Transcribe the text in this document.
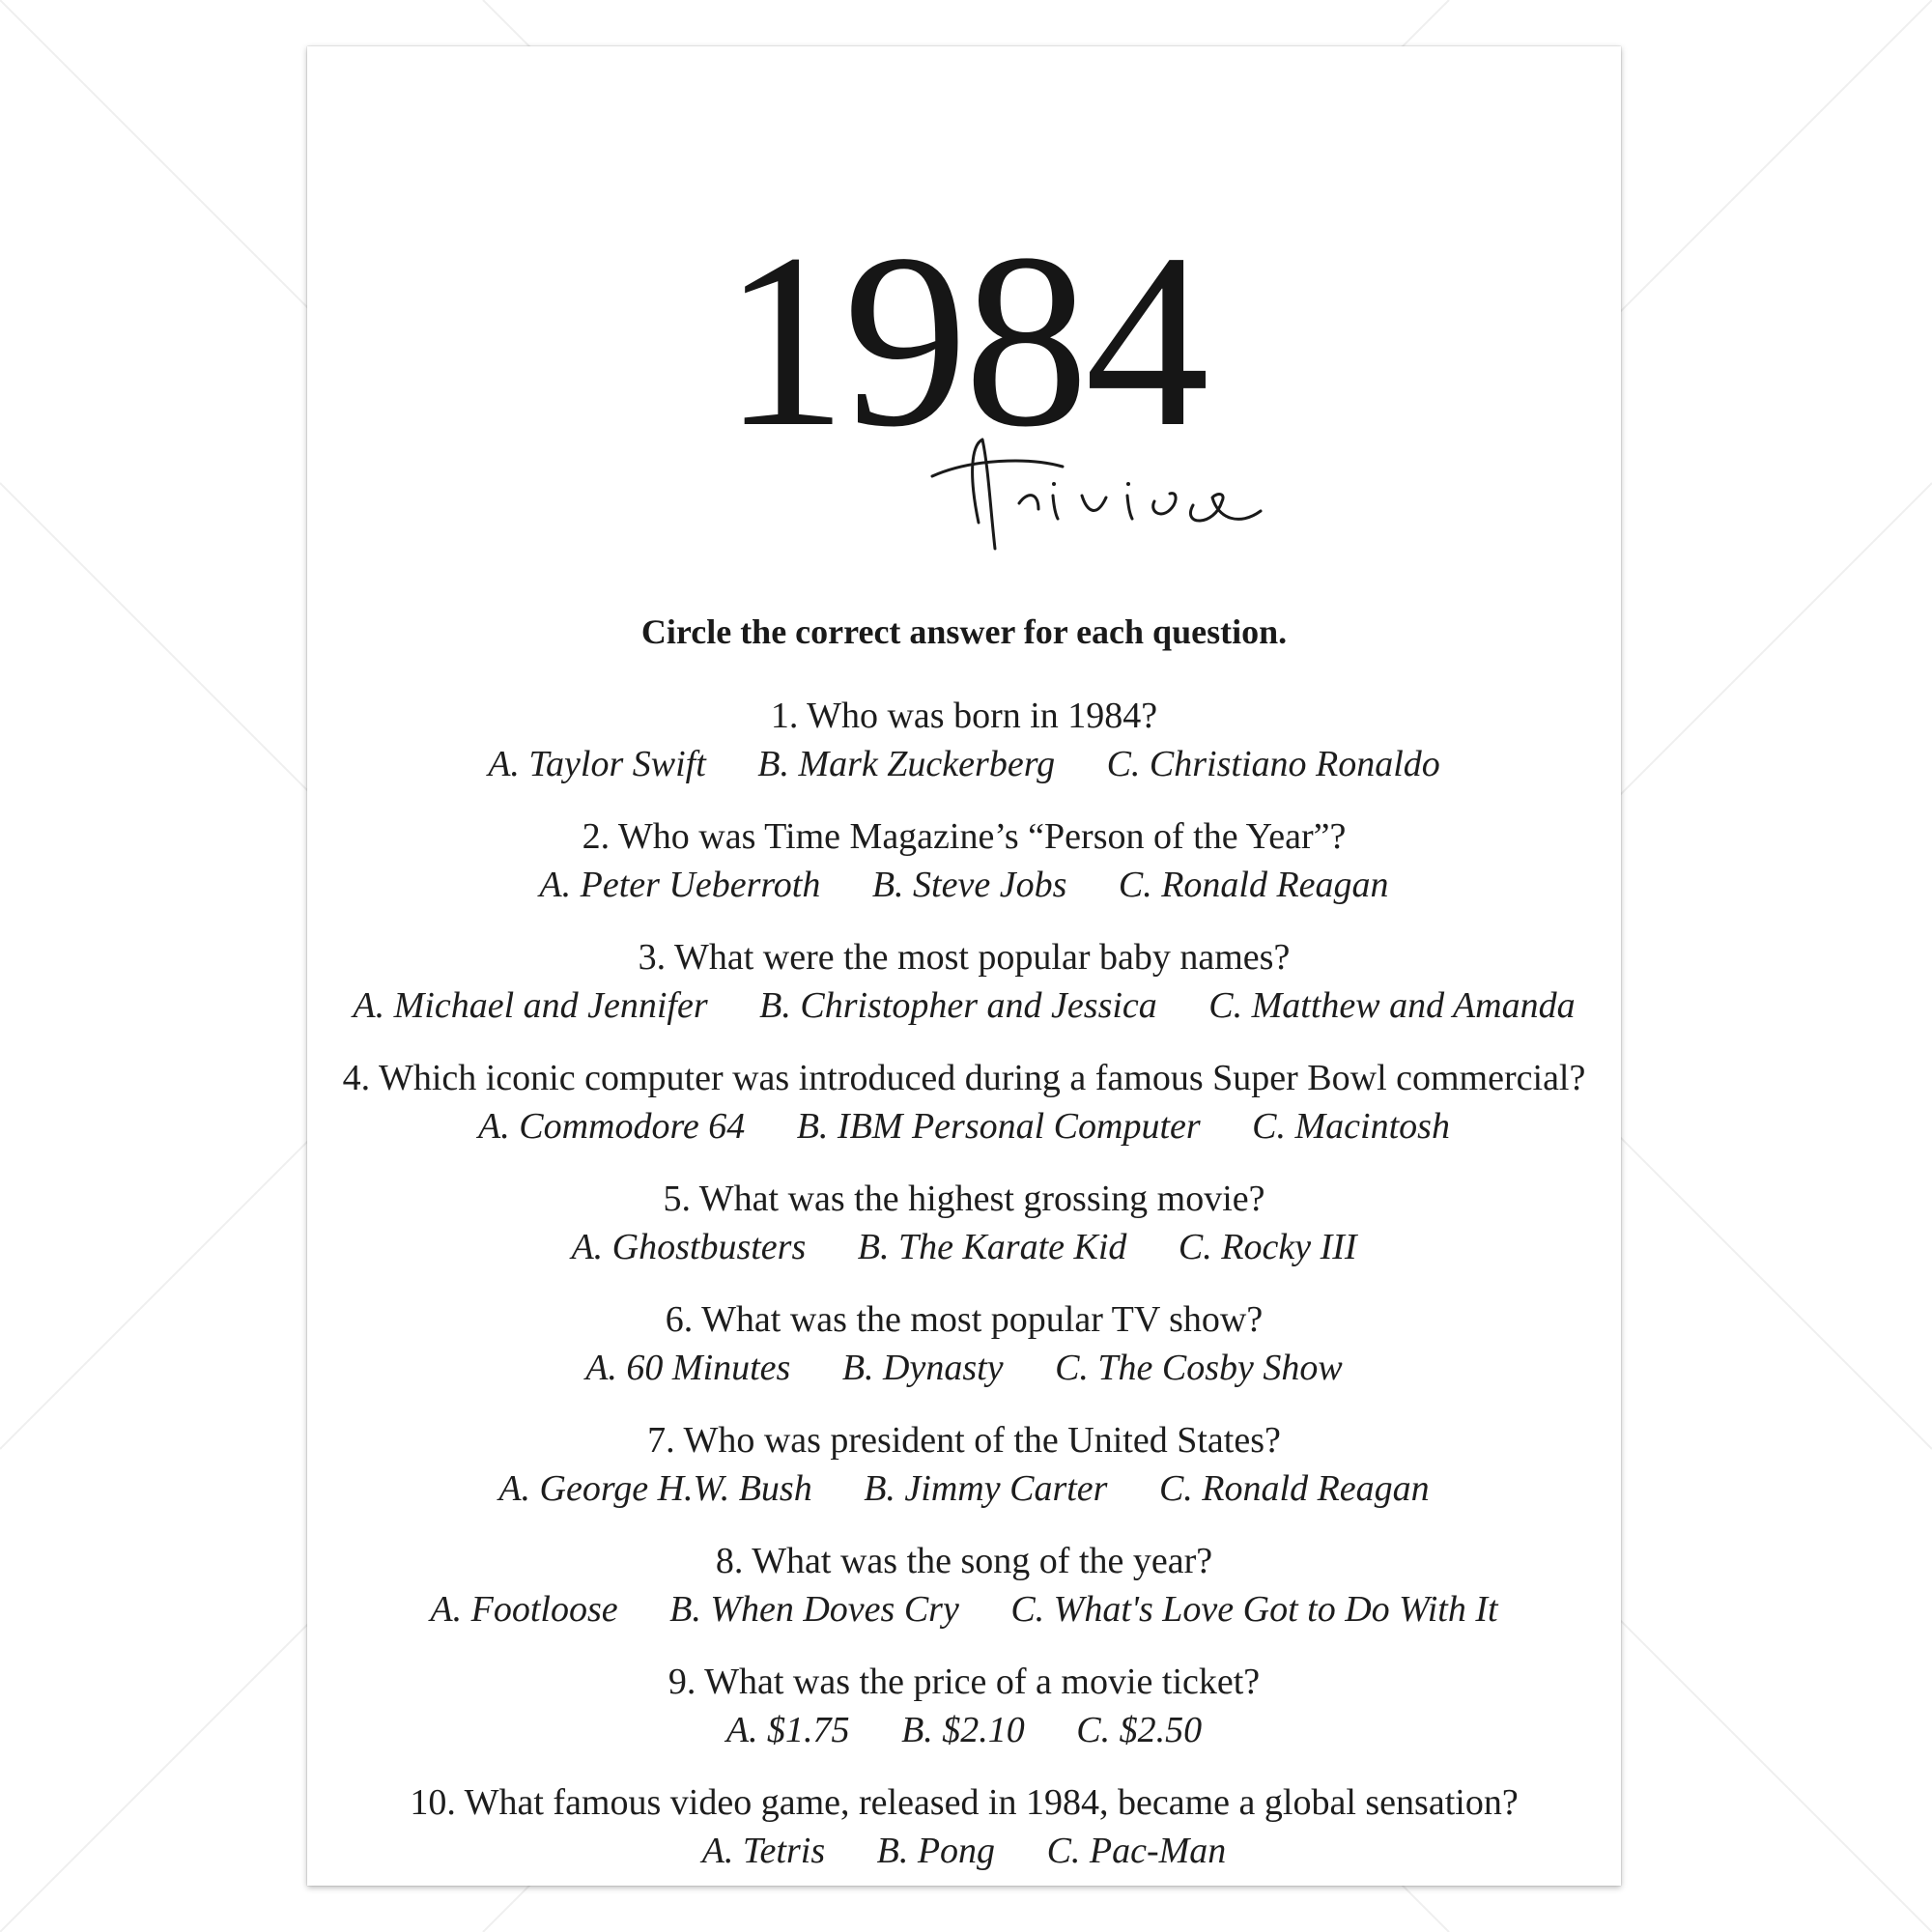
1984
Circle the correct answer for each question.
1. Who was born in 1984?
A. Taylor Swift B. Mark Zuckerberg C. Christiano Ronaldo
2. Who was Time Magazine’s “Person of the Year”?
A. Peter Ueberroth B. Steve Jobs C. Ronald Reagan
3. What were the most popular baby names?
A. Michael and Jennifer B. Christopher and Jessica C. Matthew and Amanda
4. Which iconic computer was introduced during a famous Super Bowl commercial?
A. Commodore 64 B. IBM Personal Computer C. Macintosh
5. What was the highest grossing movie?
A. Ghostbusters B. The Karate Kid C. Rocky III
6. What was the most popular TV show?
A. 60 Minutes B. Dynasty C. The Cosby Show
7. Who was president of the United States?
A. George H.W. Bush B. Jimmy Carter C. Ronald Reagan
8. What was the song of the year?
A. Footloose B. When Doves Cry C. What's Love Got to Do With It
9. What was the price of a movie ticket?
A. $1.75 B. $2.10 C. $2.50
10. What famous video game, released in 1984, became a global sensation?
A. Tetris B. Pong C. Pac-Man
